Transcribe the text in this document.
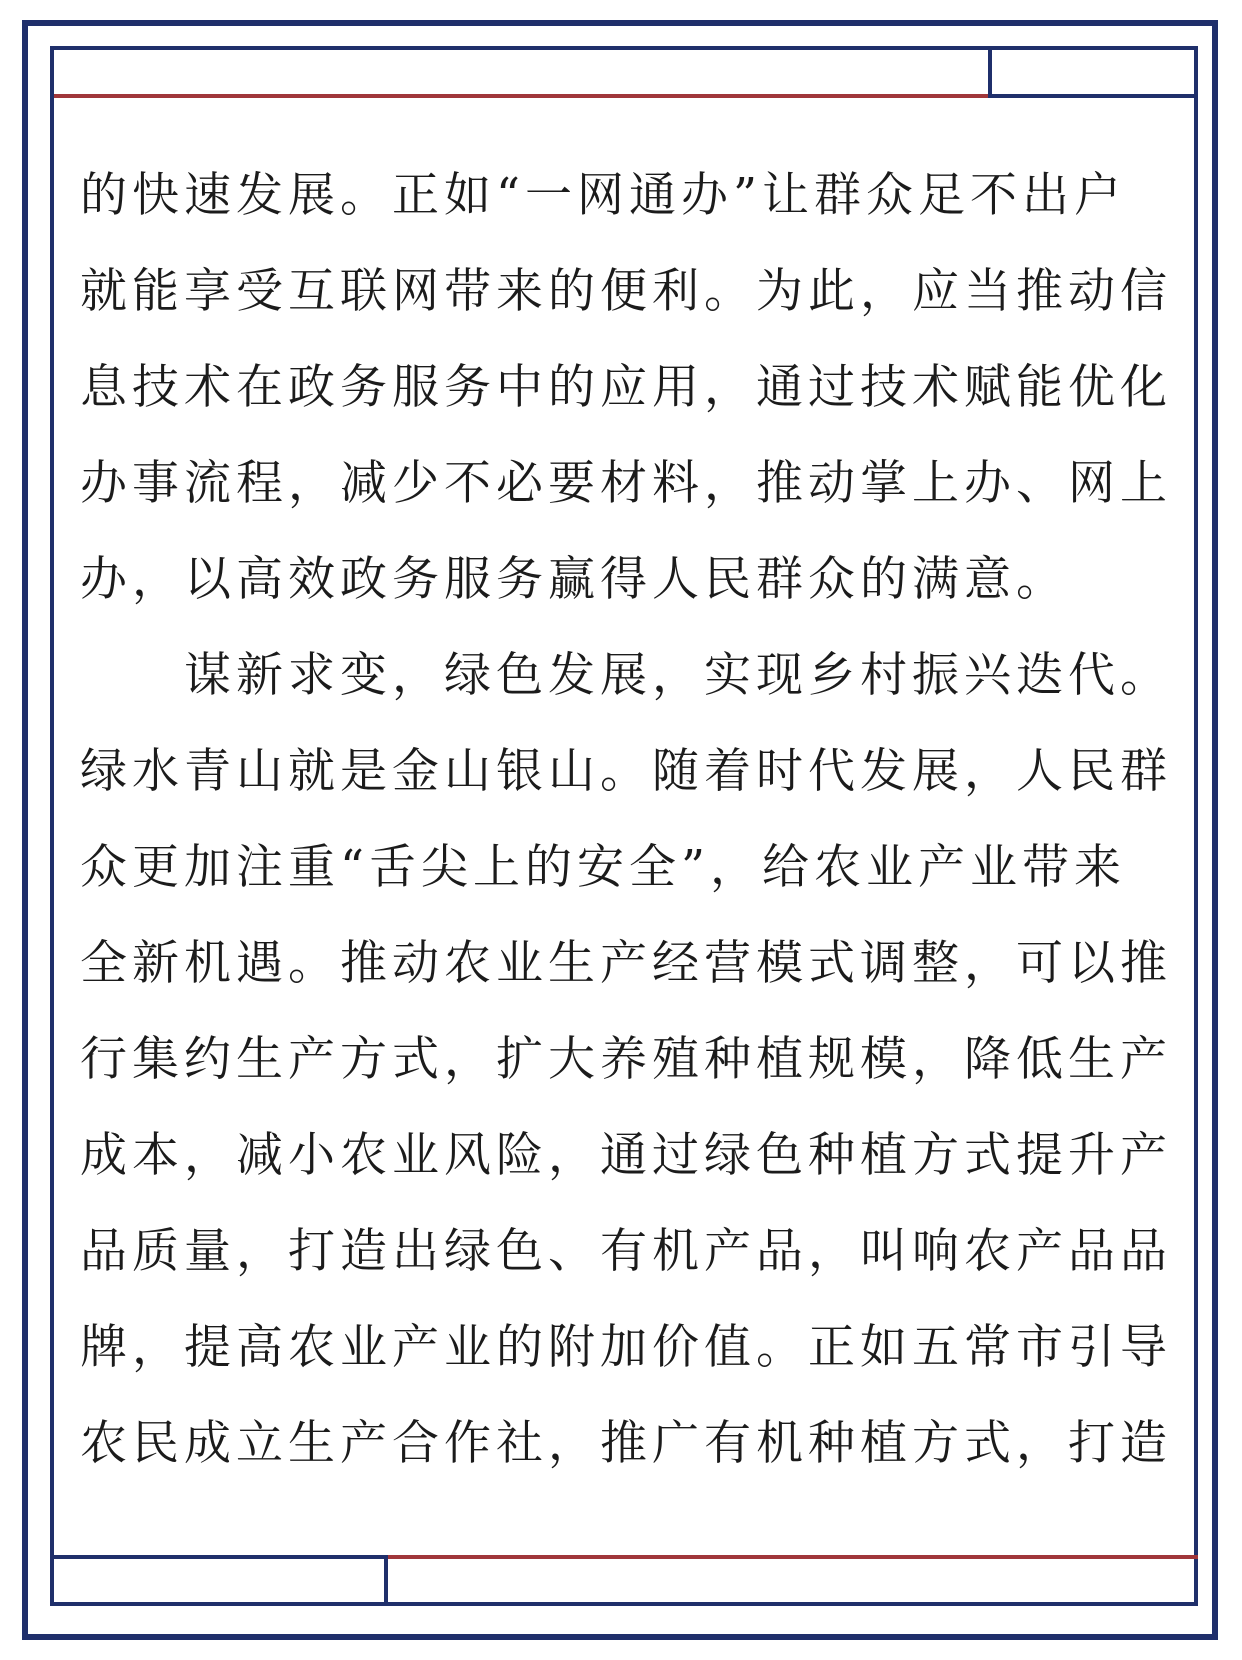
的快速发展。正如“一网通办”让群众足不出户
就能享受互联网带来的便利。为此，应当推动信
息技术在政务服务中的应用，通过技术赋能优化
办事流程，减少不必要材料，推动掌上办、网上
办，以高效政务服务赢得人民群众的满意。
　　谋新求变，绿色发展，实现乡村振兴迭代。
绿水青山就是金山银山。随着时代发展，人民群
众更加注重“舌尖上的安全”，给农业产业带来
全新机遇。推动农业生产经营模式调整，可以推
行集约生产方式，扩大养殖种植规模，降低生产
成本，减小农业风险，通过绿色种植方式提升产
品质量，打造出绿色、有机产品，叫响农产品品
牌，提高农业产业的附加价值。正如五常市引导
农民成立生产合作社，推广有机种植方式，打造
